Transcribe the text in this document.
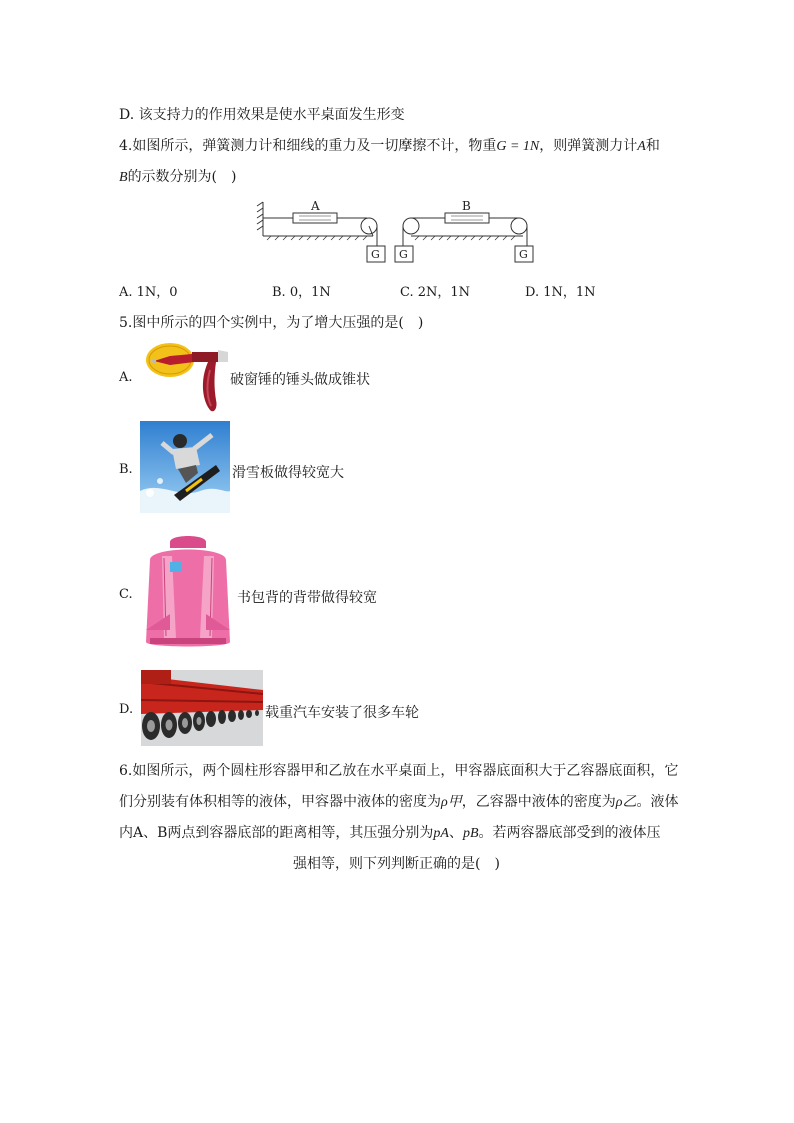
D. 该支持力的作用效果是使水平桌面发生形变
4.如图所示，弹簧测力计和细线的重力及一切摩擦不计，物重G = 1N，则弹簧测力计A和
B的示数分别为(　)
A	B
G G	G
A. 1N，0	B. 0，1N	C. 2N，1N	D. 1N，1N
5.图中所示的四个实例中，为了增大压强的是(　)
A.	破窗锤的锤头做成锥状
B.	滑雪板做得较宽大
C.	书包背的背带做得较宽
D.	载重汽车安装了很多车轮
6.如图所示，两个圆柱形容器甲和乙放在水平桌面上，甲容器底面积大于乙容器底面积，它
们分别装有体积相等的液体，甲容器中液体的密度为ρ甲，乙容器中液体的密度为ρ乙。液体
内A、B两点到容器底部的距离相等，其压强分别为pA、pB。若两容器底部受到的液体压
强相等，则下列判断正确的是(　)
